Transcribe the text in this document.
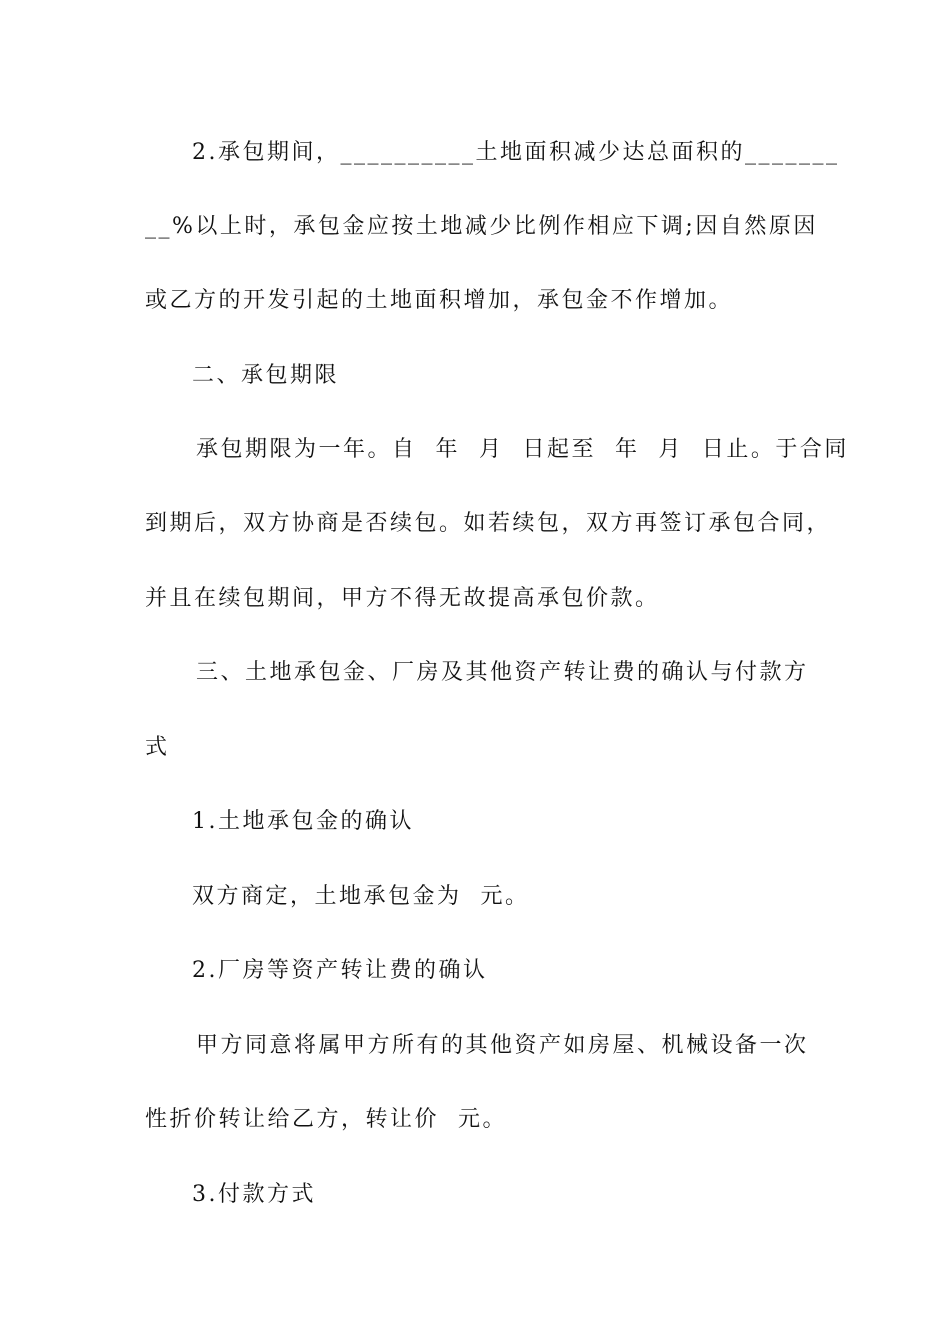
2.承包期间，__________土地面积减少达总面积的_______
__%以上时，承包金应按土地减少比例作相应下调;因自然原因
或乙方的开发引起的土地面积增加，承包金不作增加。
二、承包期限
承包期限为一年。自  年  月  日起至  年  月  日止。于合同
到期后，双方协商是否续包。如若续包，双方再签订承包合同，
并且在续包期间，甲方不得无故提高承包价款。
三、土地承包金、厂房及其他资产转让费的确认与付款方
式
1.土地承包金的确认
双方商定，土地承包金为  元。
2.厂房等资产转让费的确认
甲方同意将属甲方所有的其他资产如房屋、机械设备一次
性折价转让给乙方，转让价  元。
3.付款方式
